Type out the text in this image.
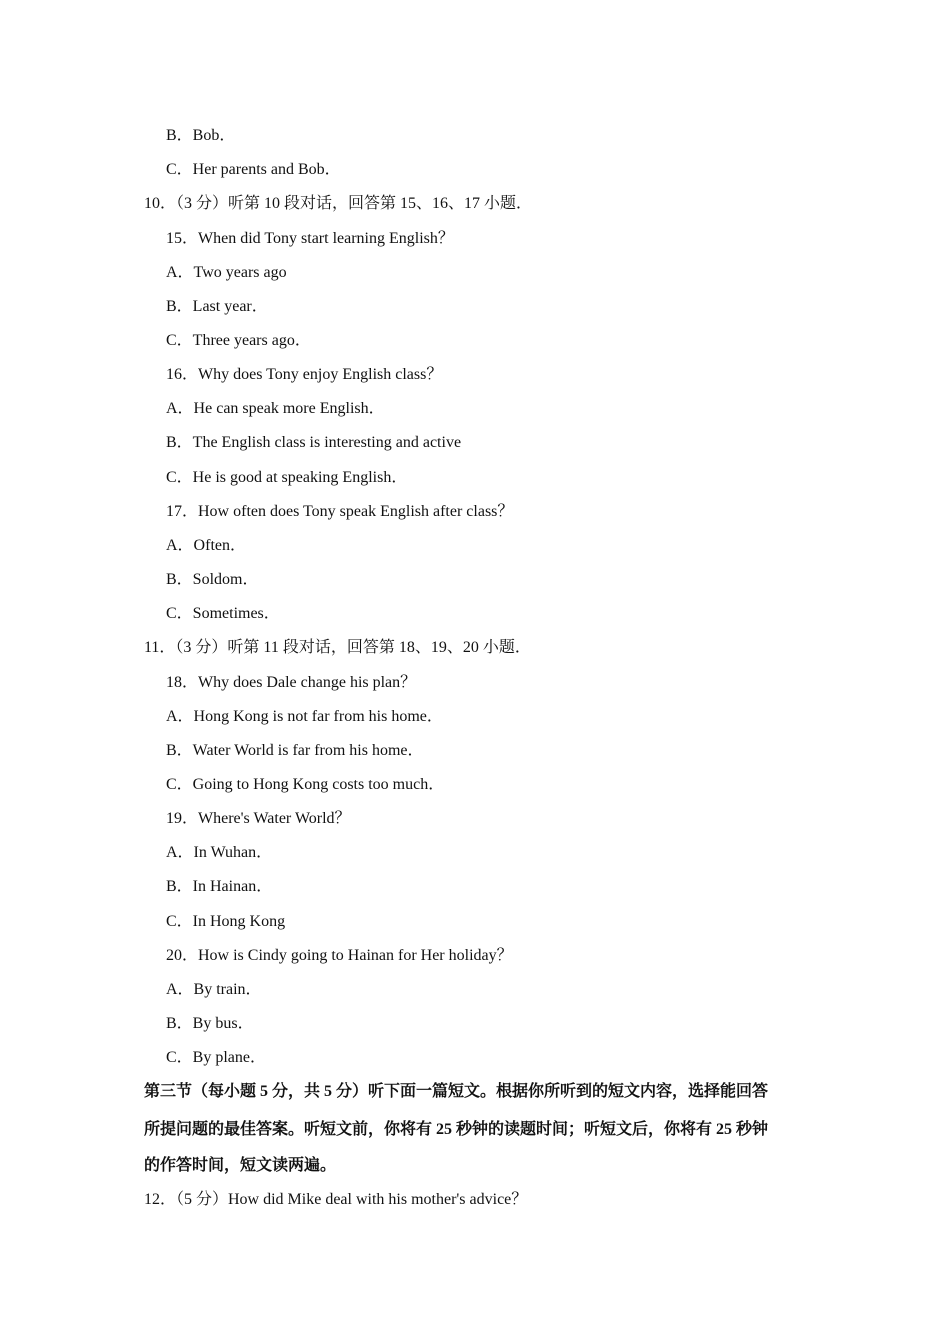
B．Bob．
C．Her parents and Bob．
10．（3 分）听第 10 段对话，回答第 15、16、17 小题．
15．When did Tony start learning English？
A．Two years ago
B．Last year．
C．Three years ago．
16．Why does Tony enjoy English class？
A．He can speak more English．
B．The English class is interesting and active
C．He is good at speaking English．
17．How often does Tony speak English after class？
A．Often．
B．Soldom．
C．Sometimes．
11．（3 分）听第 11 段对话，回答第 18、19、20 小题．
18．Why does Dale change his plan？
A．Hong Kong is not far from his home．
B．Water World is far from his home．
C．Going to Hong Kong costs too much．
19．Where's Water World？
A．In Wuhan．
B．In Hainan．
C．In Hong Kong
20．How is Cindy going to Hainan for Her holiday？
A．By train．
B．By bus．
C．By plane．
第三节（每小题 5 分，共 5 分）听下面一篇短文。根据你所听到的短文内容，选择能回答
所提问题的最佳答案。听短文前，你将有 25 秒钟的读题时间；听短文后，你将有 25 秒钟
的作答时间，短文读两遍。
12．（5 分）How did Mike deal with his mother's advice？
